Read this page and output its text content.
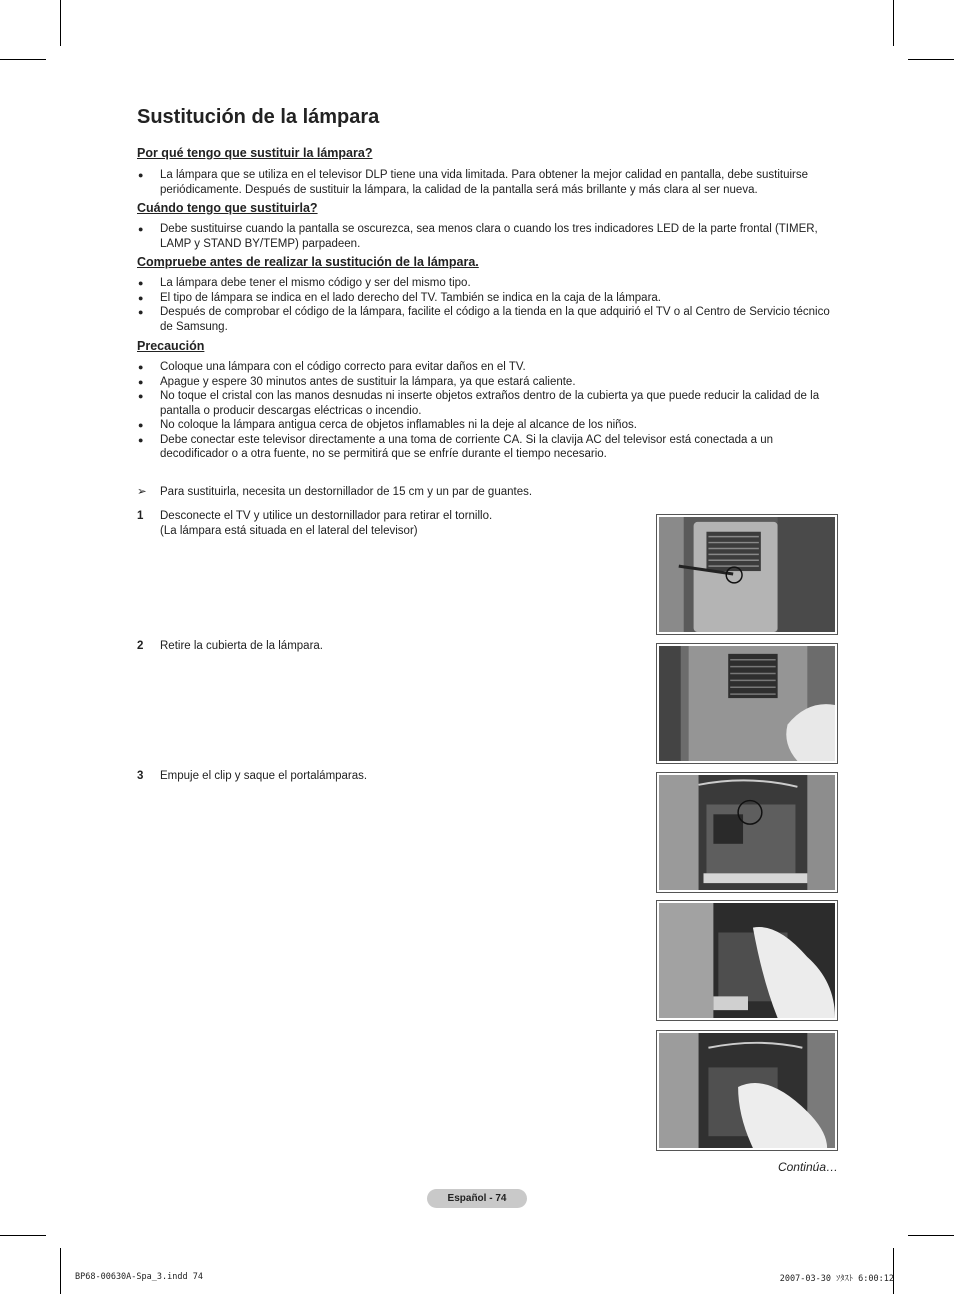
Sustitución de la lámpara
Por qué tengo que sustituir la lámpara?
● La lámpara que se utiliza en el televisor DLP tiene una vida limitada. Para obtener la mejor calidad en pantalla, debe sustituirse periódicamente. Después de sustituir la lámpara, la calidad de la pantalla será más brillante y más clara al ser nueva.
Cuándo tengo que sustituirla?
● Debe sustituirse cuando la pantalla se oscurezca, sea menos clara o cuando los tres indicadores LED de la parte frontal (TIMER, LAMP y STAND BY/TEMP) parpadeen.
Compruebe antes de realizar la sustitución de la lámpara.
● La lámpara debe tener el mismo código y ser del mismo tipo.
● El tipo de lámpara se indica en el lado derecho del TV. También se indica en la caja de la lámpara.
● Después de comprobar el código de la lámpara, facilite el código a la tienda en la que adquirió el TV o al Centro de Servicio técnico de Samsung.
Precaución
● Coloque una lámpara con el código correcto para evitar daños en el TV.
● Apague y espere 30 minutos antes de sustituir la lámpara, ya que estará caliente.
● No toque el cristal con las manos desnudas ni inserte objetos extraños dentro de la cubierta ya que puede reducir la calidad de la pantalla o producir descargas eléctricas o incendio.
● No coloque la lámpara antigua cerca de objetos inflamables ni la deje al alcance de los niños.
● Debe conectar este televisor directamente a una toma de corriente CA. Si la clavija AC del televisor está conectada a un decodificador o a otra fuente, no se permitirá que se enfríe durante el tiempo necesario.
➢ Para sustituirla, necesita un destornillador de 15 cm y un par de guantes.
1 Desconecte el TV y utilice un destornillador para retirar el tornillo.
(La lámpara está situada en el lateral del televisor)
2 Retire la cubierta de la lámpara.
3 Empuje el clip y saque el portalámparas.
Continúa…
Español - 74
BP68-00630A-Spa_3.indd 74	2007-03-30 ｿﾀｽﾄ 6:00:12
